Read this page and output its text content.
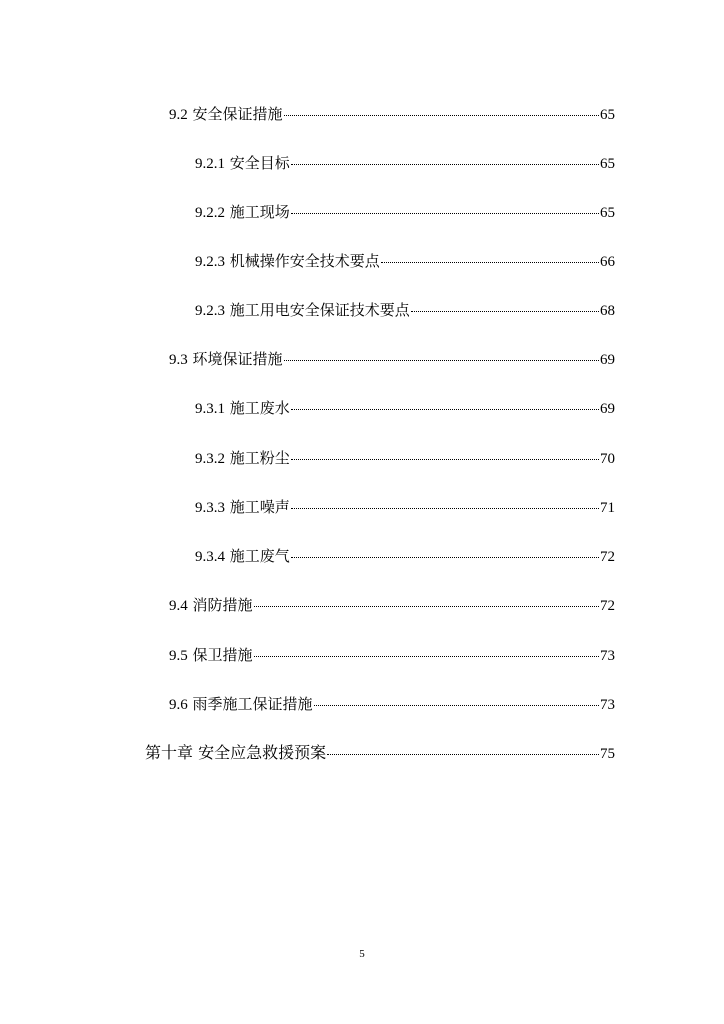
9.2 安全保证措施	65
9.2.1 安全目标	65
9.2.2 施工现场	65
9.2.3 机械操作安全技术要点	66
9.2.3 施工用电安全保证技术要点	68
9.3 环境保证措施	69
9.3.1 施工废水	69
9.3.2 施工粉尘	70
9.3.3 施工噪声	71
9.3.4 施工废气	72
9.4 消防措施	72
9.5 保卫措施	73
9.6 雨季施工保证措施	73
第十章 安全应急救援预案	75
5
